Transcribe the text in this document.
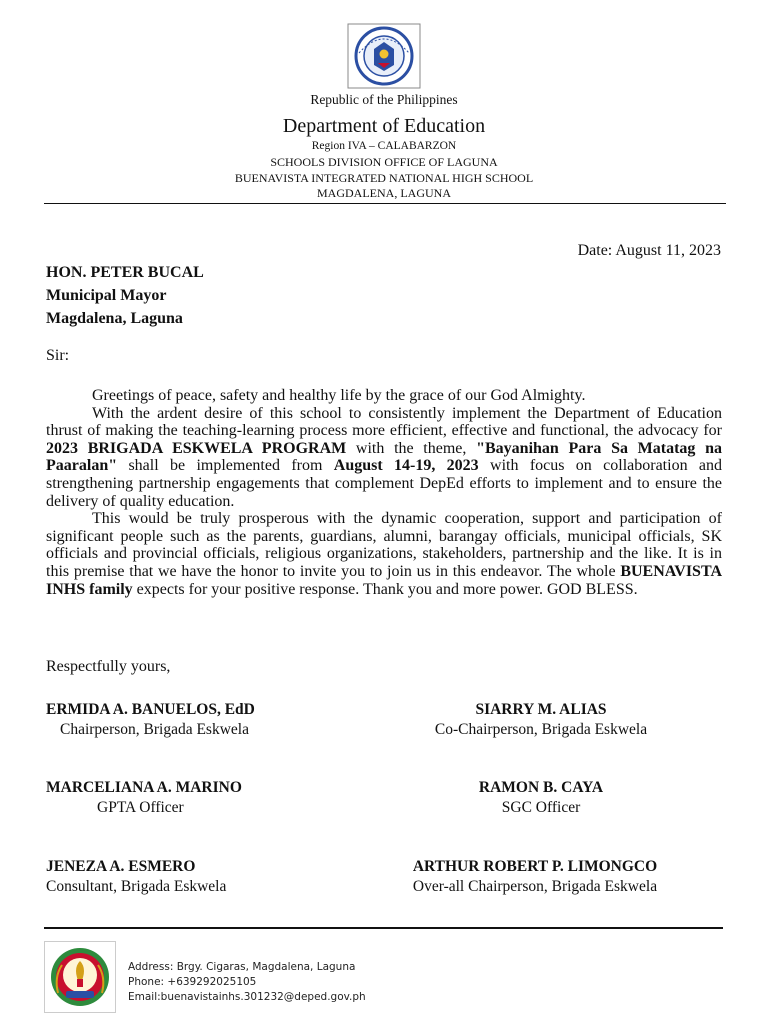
Republic of the Philippines
Department of Education
Region IVA – CALABARZON
SCHOOLS DIVISION OFFICE OF LAGUNA
BUENAVISTA INTEGRATED NATIONAL HIGH SCHOOL
MAGDALENA, LAGUNA
Date: August 11, 2023
HON. PETER BUCAL
Municipal Mayor
Magdalena, Laguna
Sir:

Greetings of peace, safety and healthy life by the grace of our God Almighty.

With the ardent desire of this school to consistently implement the Department of Education thrust of making the teaching-learning process more efficient, effective and functional, the advocacy for 2023 BRIGADA ESKWELA PROGRAM with the theme, "Bayanihan Para Sa Matatag na Paaralan" shall be implemented from August 14-19, 2023 with focus on collaboration and strengthening partnership engagements that complement DepEd efforts to implement and to ensure the delivery of quality education.

This would be truly prosperous with the dynamic cooperation, support and participation of significant people such as the parents, guardians, alumni, barangay officials, municipal officials, SK officials and provincial officials, religious organizations, stakeholders, partnership and the like. It is in this premise that we have the honor to invite you to join us in this endeavor. The whole BUENAVISTA INHS family expects for your positive response. Thank you and more power. GOD BLESS.

Respectfully yours,
ERMIDA A. BANUELOS, EdD
Chairperson, Brigada Eskwela
SIARRY M. ALIAS
Co-Chairperson, Brigada Eskwela
MARCELIANA A. MARINO
GPTA Officer
RAMON B. CAYA
SGC Officer
JENEZA A. ESMERO
Consultant, Brigada Eskwela
ARTHUR ROBERT P. LIMONGCO
Over-all Chairperson, Brigada Eskwela
Address: Brgy. Cigaras, Magdalena, Laguna
Phone: +639292025105
Email:buenavistainhs.301232@deped.gov.ph
